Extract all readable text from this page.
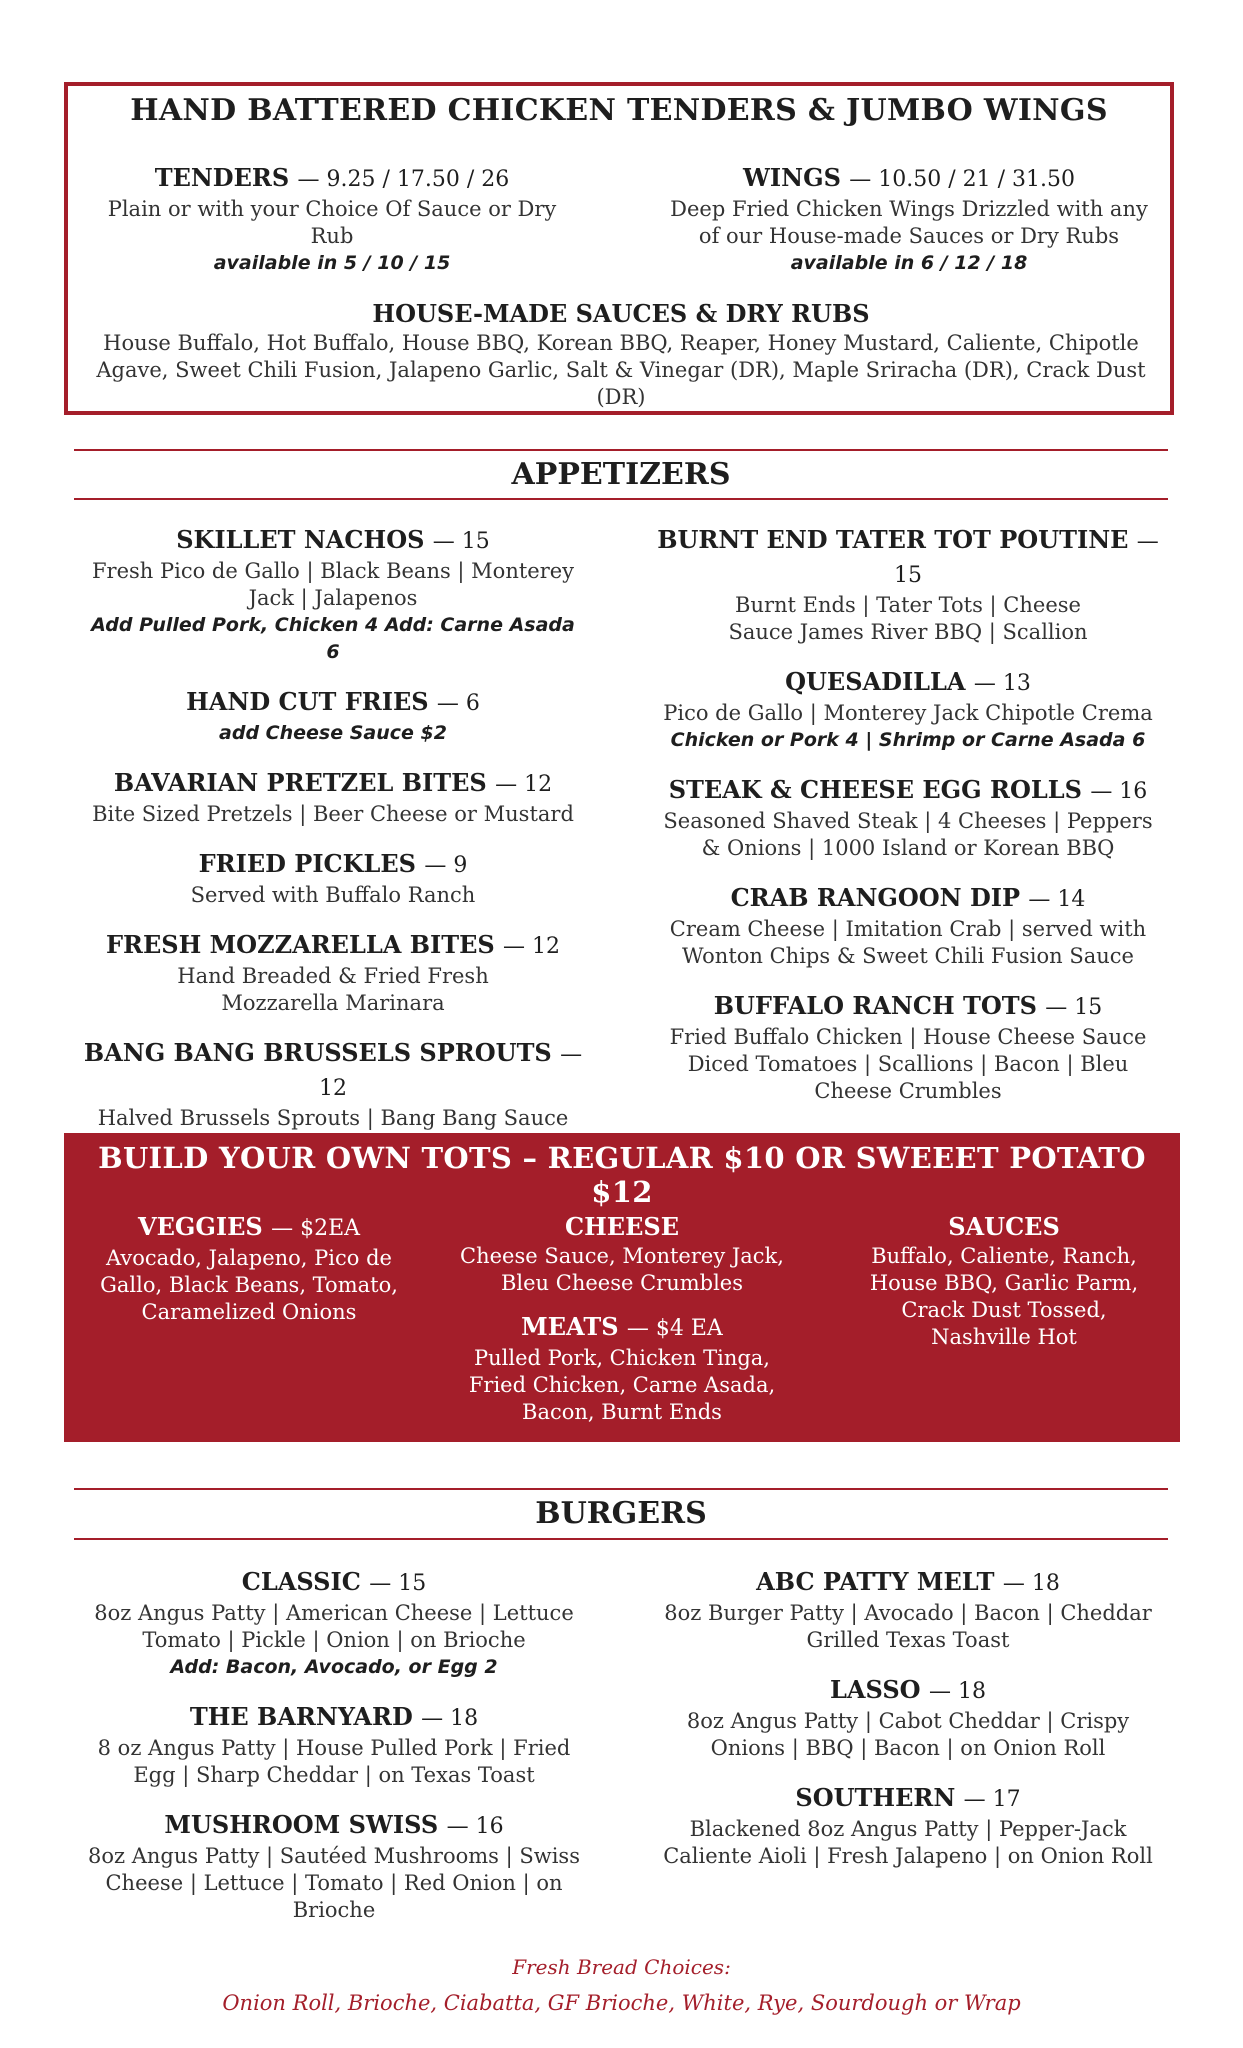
HAND BATTERED CHICKEN TENDERS & JUMBO WINGS
TENDERS — 9.25 / 17.50 / 26
Plain or with your Choice Of Sauce or Dry Rub
available in 5 / 10 / 15
WINGS — 10.50 / 21 / 31.50
Deep Fried Chicken Wings Drizzled with any of our House-made Sauces or Dry Rubs
available in 6 / 12 / 18
HOUSE-MADE SAUCES & DRY RUBS
House Buffalo, Hot Buffalo, House BBQ, Korean BBQ, Reaper, Honey Mustard, Caliente, Chipotle Agave, Sweet Chili Fusion, Jalapeno Garlic, Salt & Vinegar (DR), Maple Sriracha (DR), Crack Dust (DR)
APPETIZERS
SKILLET NACHOS — 15
Fresh Pico de Gallo | Black Beans | Monterey Jack | Jalapenos
Add Pulled Pork, Chicken 4 Add: Carne Asada 6
HAND CUT FRIES — 6
add Cheese Sauce $2
BAVARIAN PRETZEL BITES — 12
Bite Sized Pretzels | Beer Cheese or Mustard
FRIED PICKLES — 9
Served with Buffalo Ranch
FRESH MOZZARELLA BITES — 12
Hand Breaded & Fried Fresh Mozzarella Marinara
BANG BANG BRUSSELS SPROUTS — 12
Halved Brussels Sprouts | Bang Bang Sauce
BURNT END TATER TOT POUTINE — 15
Burnt Ends | Tater Tots | Cheese Sauce James River BBQ | Scallion
QUESADILLA — 13
Pico de Gallo | Monterey Jack Chipotle Crema
Chicken or Pork 4 | Shrimp or Carne Asada 6
STEAK & CHEESE EGG ROLLS — 16
Seasoned Shaved Steak | 4 Cheeses | Peppers & Onions | 1000 Island or Korean BBQ
CRAB RANGOON DIP — 14
Cream Cheese | Imitation Crab | served with Wonton Chips & Sweet Chili Fusion Sauce
BUFFALO RANCH TOTS — 15
Fried Buffalo Chicken | House Cheese Sauce Diced Tomatoes | Scallions | Bacon | Bleu Cheese Crumbles
BUILD YOUR OWN TOTS – REGULAR $10 OR SWEEET POTATO $12
VEGGIES — $2EA
Avocado, Jalapeno, Pico de Gallo, Black Beans, Tomato, Caramelized Onions
CHEESE
Cheese Sauce, Monterey Jack, Bleu Cheese Crumbles
MEATS — $4 EA
Pulled Pork, Chicken Tinga, Fried Chicken, Carne Asada, Bacon, Burnt Ends
SAUCES
Buffalo, Caliente, Ranch, House BBQ, Garlic Parm, Crack Dust Tossed, Nashville Hot
BURGERS
CLASSIC — 15
8oz Angus Patty | American Cheese | Lettuce Tomato | Pickle | Onion | on Brioche
Add: Bacon, Avocado, or Egg 2
THE BARNYARD — 18
8 oz Angus Patty | House Pulled Pork | Fried Egg | Sharp Cheddar | on Texas Toast
MUSHROOM SWISS — 16
8oz Angus Patty | Sautéed Mushrooms | Swiss Cheese | Lettuce | Tomato | Red Onion | on Brioche
ABC PATTY MELT — 18
8oz Burger Patty | Avocado | Bacon | Cheddar Grilled Texas Toast
LASSO — 18
8oz Angus Patty | Cabot Cheddar | Crispy Onions | BBQ | Bacon | on Onion Roll
SOUTHERN — 17
Blackened 8oz Angus Patty | Pepper-Jack Caliente Aioli | Fresh Jalapeno | on Onion Roll
Fresh Bread Choices:
Onion Roll, Brioche, Ciabatta, GF Brioche, White, Rye, Sourdough or Wrap
